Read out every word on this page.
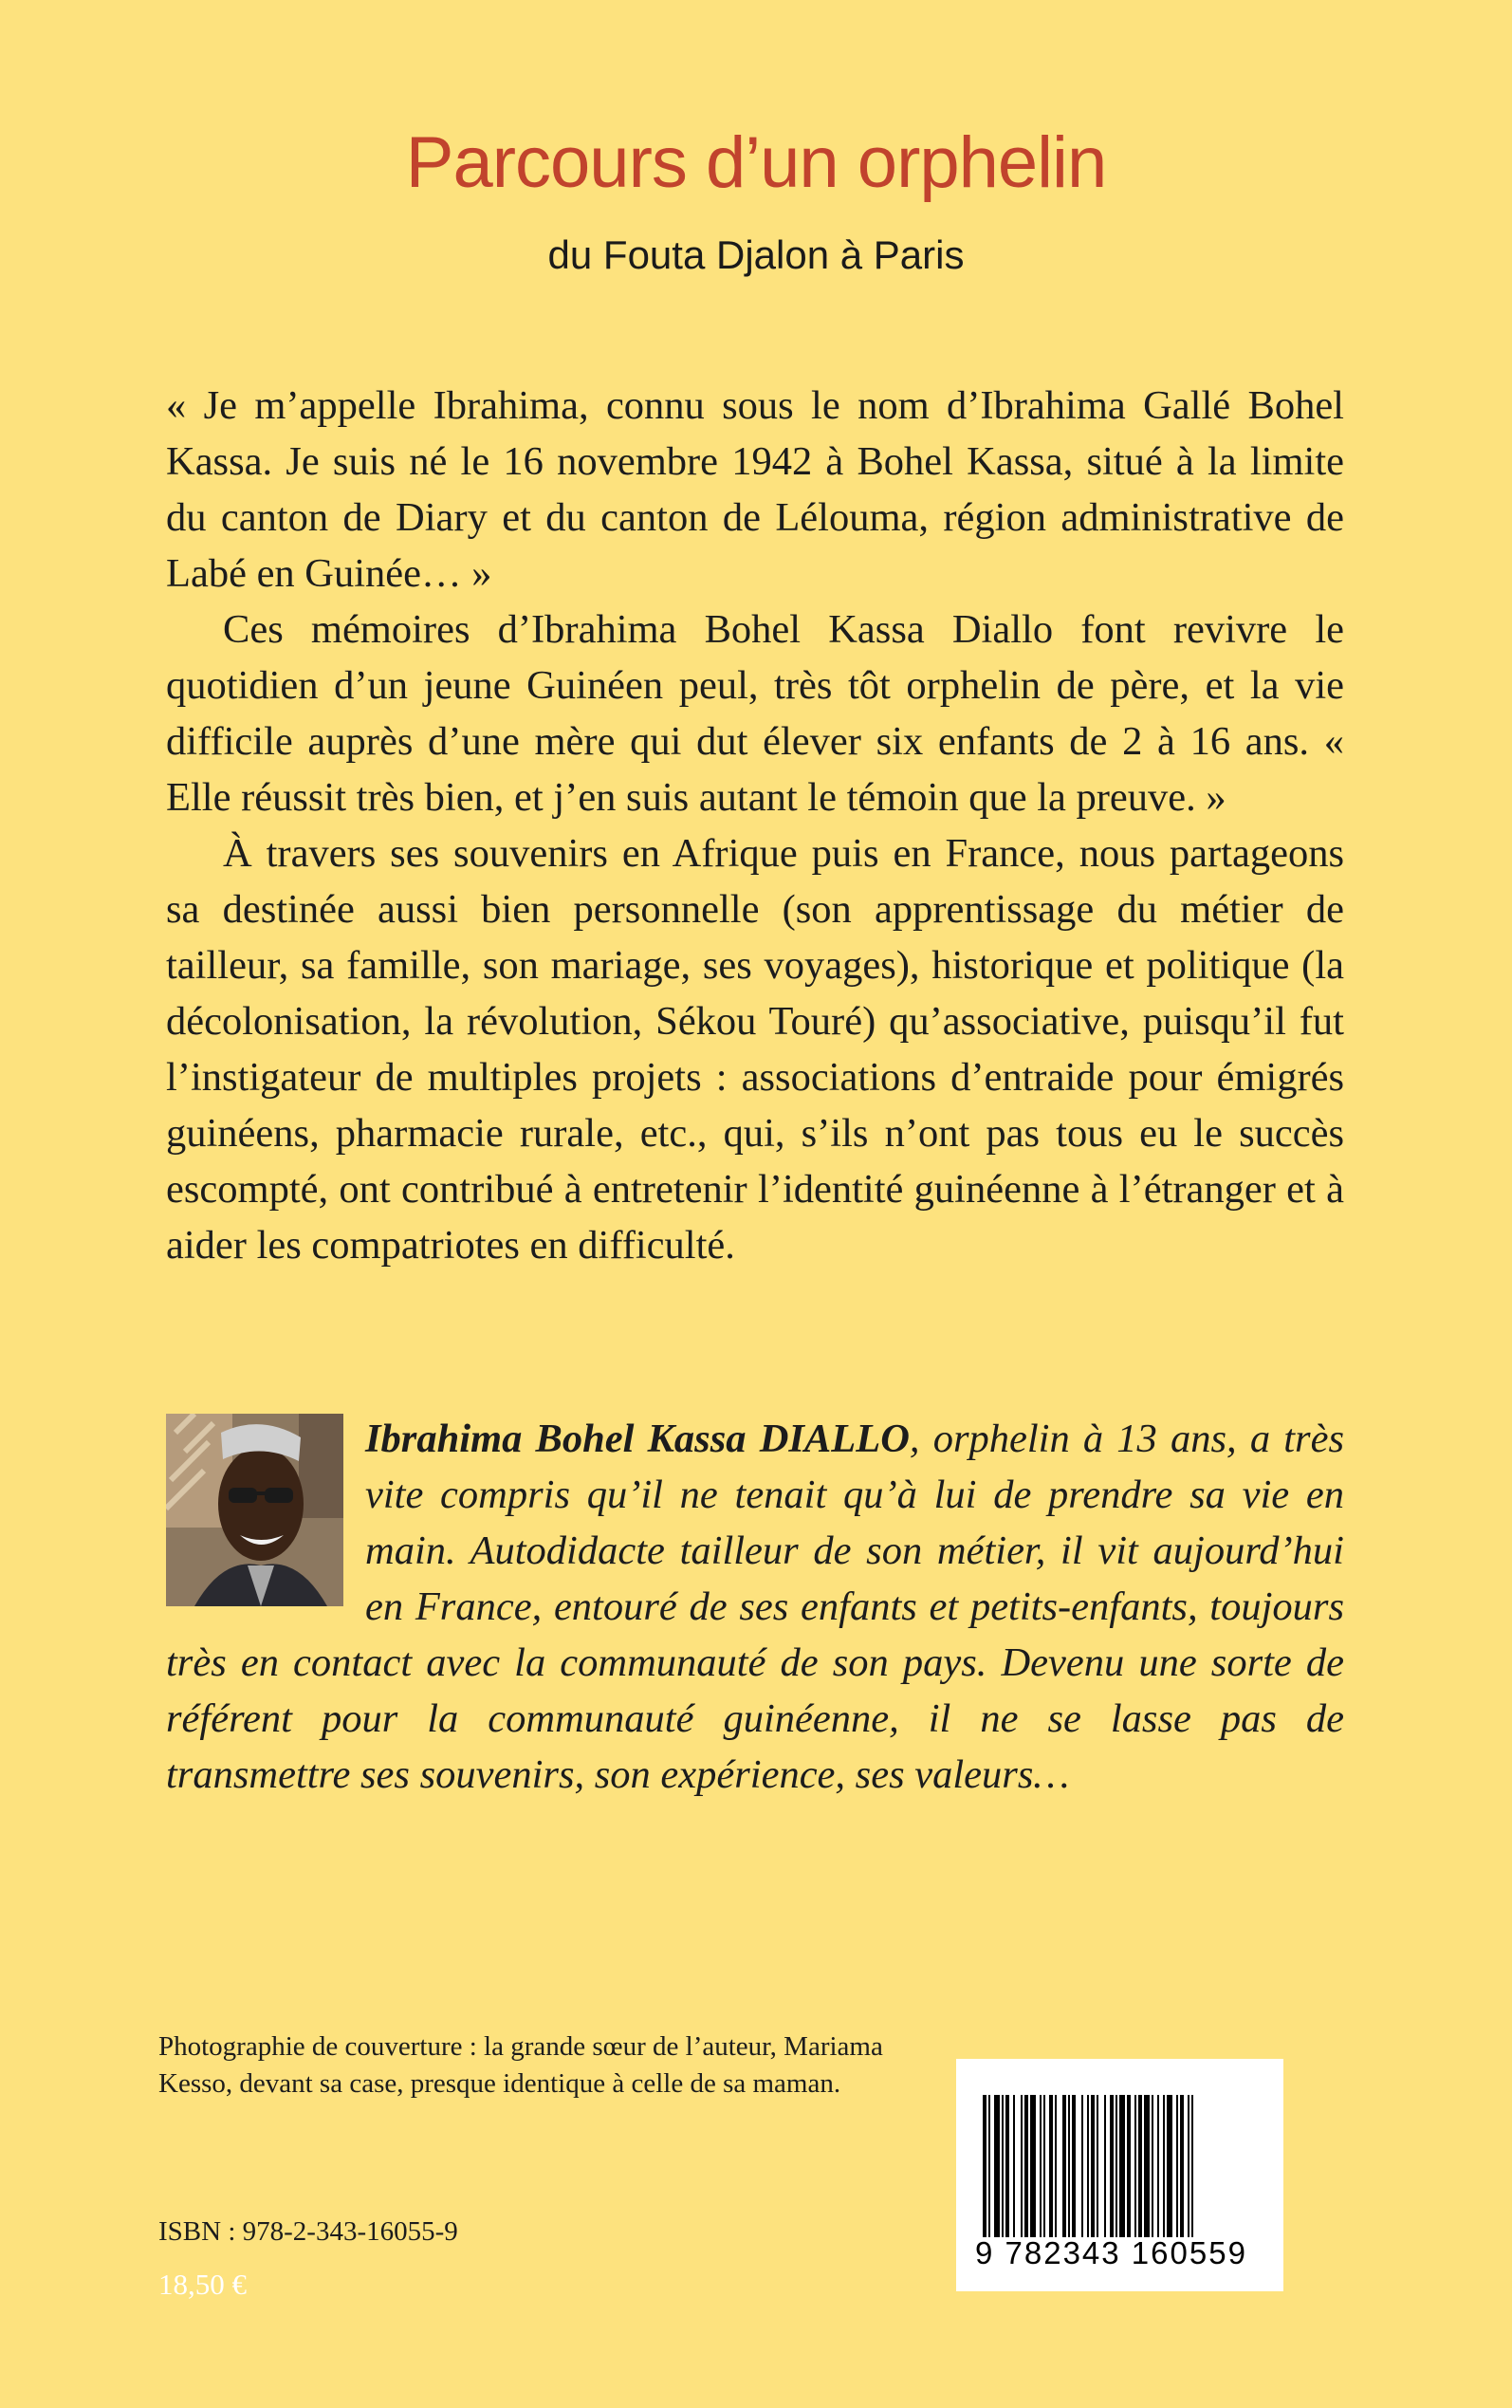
Parcours d’un orphelin
du Fouta Djalon à Paris

« Je m’appelle Ibrahima, connu sous le nom d’Ibrahima Gallé Bohel Kassa. Je suis né le 16 novembre 1942 à Bohel Kassa, situé à la limite du canton de Diary et du canton de Lélouma, région administrative de Labé en Guinée… »

Ces mémoires d’Ibrahima Bohel Kassa Diallo font revivre le quotidien d’un jeune Guinéen peul, très tôt orphelin de père, et la vie difficile auprès d’une mère qui dut élever six enfants de 2 à 16 ans. « Elle réussit très bien, et j’en suis autant le témoin que la preuve. »

À travers ses souvenirs en Afrique puis en France, nous partageons sa destinée aussi bien personnelle (son apprentissage du métier de tailleur, sa famille, son mariage, ses voyages), historique et politique (la décolonisation, la révolution, Sékou Touré) qu’associative, puisqu’il fut l’instigateur de multiples projets : associations d’entraide pour émigrés guinéens, pharmacie rurale, etc., qui, s’ils n’ont pas tous eu le succès escompté, ont contribué à entretenir l’identité guinéenne à l’étranger et à aider les compatriotes en difficulté.

Ibrahima Bohel Kassa DIALLO, orphelin à 13 ans, a très vite compris qu’il ne tenait qu’à lui de prendre sa vie en main. Autodidacte tailleur de son métier, il vit aujourd’hui en France, entouré de ses enfants et petits-enfants, toujours très en contact avec la communauté de son pays. Devenu une sorte de référent pour la communauté guinéenne, il ne se lasse pas de transmettre ses souvenirs, son expérience, ses valeurs…

Photographie de couverture : la grande sœur de l’auteur, Mariama Kesso, devant sa case, presque identique à celle de sa maman.

ISBN : 978-2-343-16055-9

18,50 €

9 782343 160559
